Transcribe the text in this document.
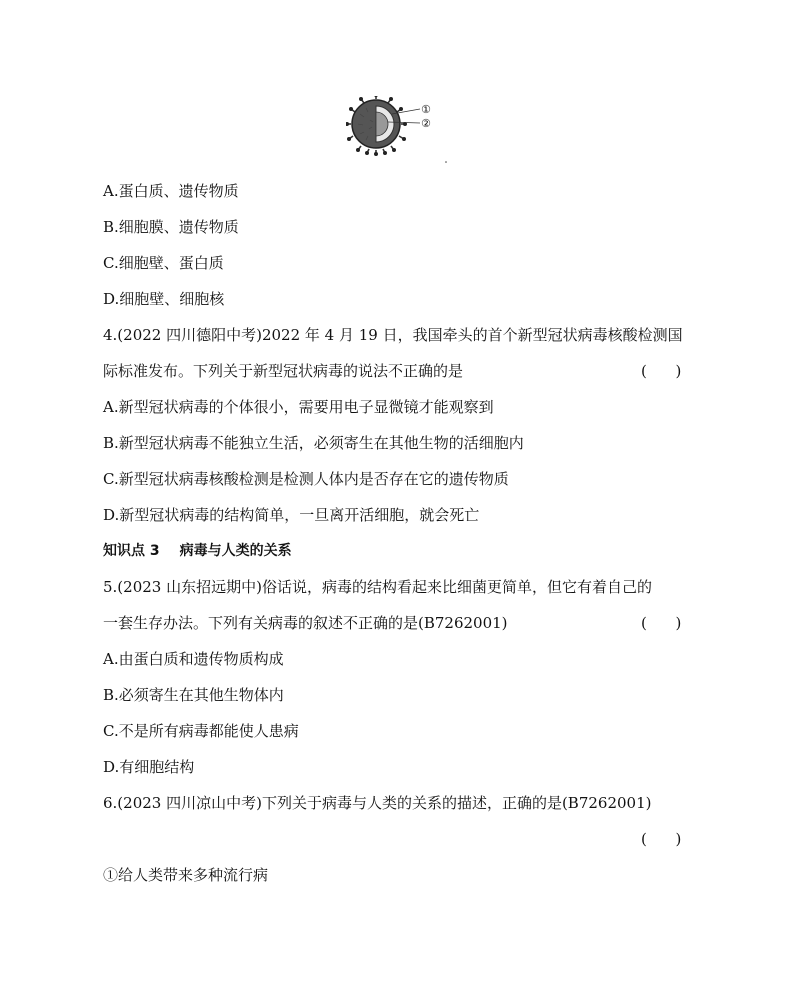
①
②
A.蛋白质、遗传物质
B.细胞膜、遗传物质
C.细胞壁、蛋白质
D.细胞壁、细胞核
4.(2022 四川德阳中考)2022 年 4 月 19 日，我国牵头的首个新型冠状病毒核酸检测国
际标准发布。下列关于新型冠状病毒的说法不正确的是	(      )
A.新型冠状病毒的个体很小，需要用电子显微镜才能观察到
B.新型冠状病毒不能独立生活，必须寄生在其他生物的活细胞内
C.新型冠状病毒核酸检测是检测人体内是否存在它的遗传物质
D.新型冠状病毒的结构简单，一旦离开活细胞，就会死亡
知识点 3 病毒与人类的关系
5.(2023 山东招远期中)俗话说，病毒的结构看起来比细菌更简单，但它有着自己的
一套生存办法。下列有关病毒的叙述不正确的是(B7262001)	(      )
A.由蛋白质和遗传物质构成
B.必须寄生在其他生物体内
C.不是所有病毒都能使人患病
D.有细胞结构
6.(2023 四川凉山中考)下列关于病毒与人类的关系的描述，正确的是(B7262001)
(      )
①给人类带来多种流行病
